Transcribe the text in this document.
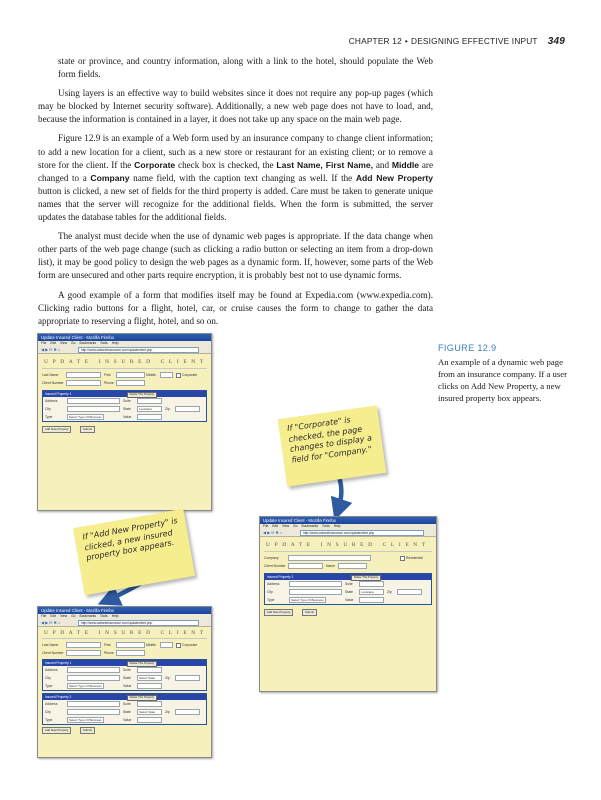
CHAPTER 12 • DESIGNING EFFECTIVE INPUT 349

state or province, and country information, along with a link to the hotel, should populate the Web form fields.

Using layers is an effective way to build websites since it does not require any pop-up pages (which may be blocked by Internet security software). Additionally, a new web page does not have to load, and, because the information is contained in a layer, it does not take up any space on the main web page.

Figure 12.9 is an example of a Web form used by an insurance company to change client information; to add a new location for a client, such as a new store or restaurant for an existing client; or to remove a store for the client. If the Corporate check box is checked, the Last Name, First Name, and Middle are changed to a Company name field, with the caption text changing as well. If the Add New Property button is clicked, a new set of fields for the third property is added. Care must be taken to generate unique names that the server will recognize for the additional fields. When the form is submitted, the server updates the database tables for the additional fields.

The analyst must decide when the use of dynamic web pages is appropriate. If the data change when other parts of the web page change (such as clicking a radio button or selecting an item from a drop-down list), it may be good policy to design the web pages as a dynamic form. If, however, some parts of the Web form are unsecured and other parts require encryption, it is probably best not to use dynamic forms.

A good example of a form that modifies itself may be found at Expedia.com (www.expedia.com). Clicking radio buttons for a flight, hotel, car, or cruise causes the form to change to gather the data appropriate to reserving a flight, hotel, and so on.

FIGURE 12.9
An example of a dynamic web page from an insurance company. If a user clicks on Add New Property, a new insured property box appears.
Update Insured Client - Mozilla Firefox
File Edit View Go Bookmarks Tools Help
◀▶⟳✖⌂	http://www.calwestinsurance.com/updateclient.php
UPDATE INSURED CLIENT
Last Name	First	Middle	Corporate
Client Number	Phone
Insured Property 1	Delete This Property
Address	Suite
City	State	Louisiana	Zip
Type	Select Type Of Business	Value
Add New Property	Submit	If "Corporate" is checked, the page changes to display a field for "Company."
Update Insured Client - Mozilla Firefox
File Edit View Go Bookmarks Tools Help
◀▶⟳✖⌂	http://www.calwestinsurance.com/updateclient.php
UPDATE INSURED CLIENT
Company	Residential
Client Number	Name
Insured Property 1	Delete This Property
Address	Suite
City	State	Louisiana	Zip
Type	Select Type Of Business	Value
Add New Property	Submit
If "Add New Property" is clicked, a new insured property box appears.
Update Insured Client - Mozilla Firefox
File Edit View Go Bookmarks Tools Help
◀▶⟳✖⌂	http://www.calwestinsurance.com/updateclient.php
UPDATE INSURED CLIENT
Last Name	First	Middle	Corporate
Client Number	Phone
Insured Property 1	Delete This Property
Address	Suite
City	State	Select State	Zip
Type	Select Type Of Business	Value
Insured Property 2	Delete This Property
Address	Suite
City	State	Select State	Zip
Type	Select Type Of Business	Value
Add New Property	Submit
